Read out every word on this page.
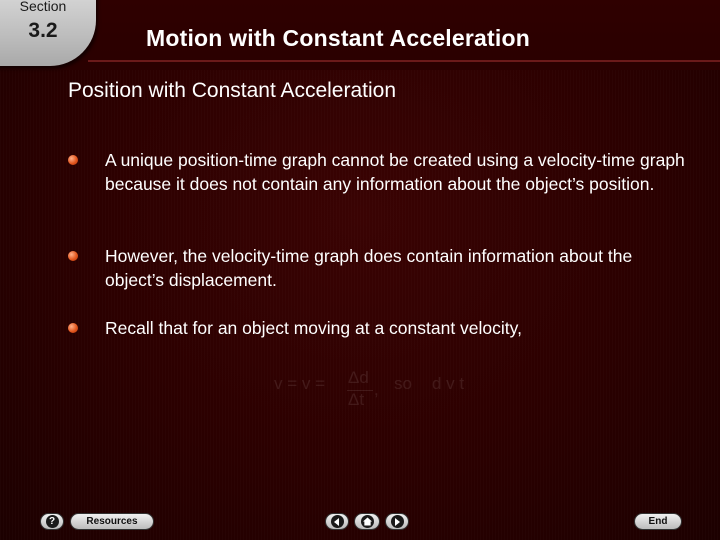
Section
3.2	Motion with Constant Acceleration
Position with Constant Acceleration
A unique position-time graph cannot be created using a velocity-time graph because it does not contain any information about the object’s position.
However, the velocity-time graph does contain information about the object’s displacement.
Recall that for an object moving at a constant velocity,
v = v = Δd
Δt
, so d v t
?	Resources	End
